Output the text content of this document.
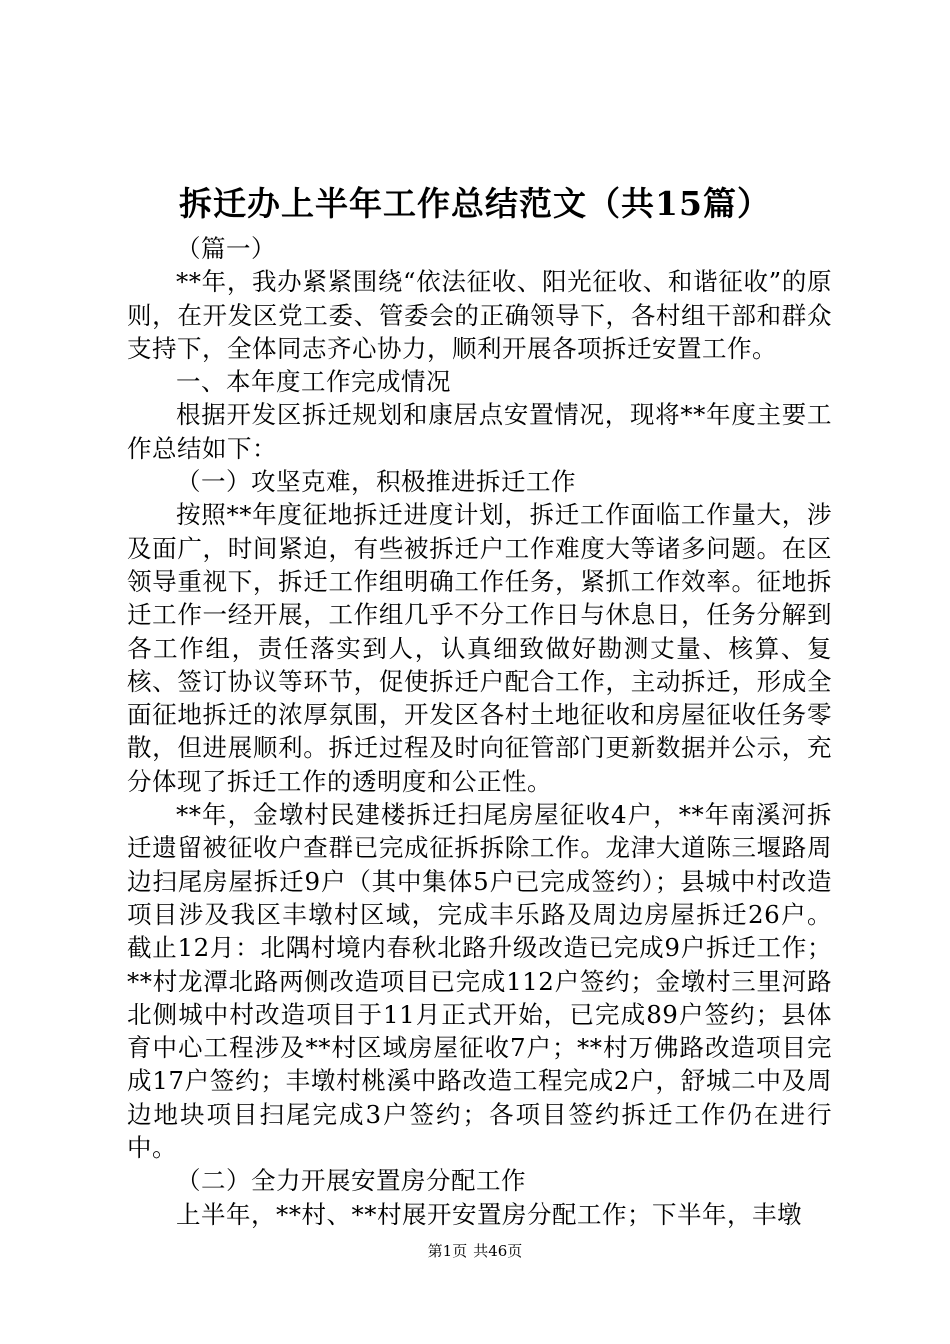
拆迁办上半年工作总结范文（共15篇）

（篇一）

**年，我办紧紧围绕“依法征收、阳光征收、和谐征收”的原则，在开发区党工委、管委会的正确领导下，各村组干部和群众支持下，全体同志齐心协力，顺利开展各项拆迁安置工作。

一、本年度工作完成情况

根据开发区拆迁规划和康居点安置情况，现将**年度主要工作总结如下：

（一）攻坚克难，积极推进拆迁工作

按照**年度征地拆迁进度计划，拆迁工作面临工作量大，涉及面广，时间紧迫，有些被拆迁户工作难度大等诸多问题。在区领导重视下，拆迁工作组明确工作任务，紧抓工作效率。征地拆迁工作一经开展，工作组几乎不分工作日与休息日，任务分解到各工作组，责任落实到人，认真细致做好勘测丈量、核算、复核、签订协议等环节，促使拆迁户配合工作，主动拆迁，形成全面征地拆迁的浓厚氛围，开发区各村土地征收和房屋征收任务零散，但进展顺利。拆迁过程及时向征管部门更新数据并公示，充分体现了拆迁工作的透明度和公正性。

**年，金墩村民建楼拆迁扫尾房屋征收4户，**年南溪河拆迁遗留被征收户查群已完成征拆拆除工作。龙津大道陈三堰路周边扫尾房屋拆迁9户（其中集体5户已完成签约）；县城中村改造项目涉及我区丰墩村区域，完成丰乐路及周边房屋拆迁26户。截止12月：北隅村境内春秋北路升级改造已完成9户拆迁工作；**村龙潭北路两侧改造项目已完成112户签约；金墩村三里河路北侧城中村改造项目于11月正式开始，已完成89户签约；县体育中心工程涉及**村区域房屋征收7户；**村万佛路改造项目完成17户签约；丰墩村桃溪中路改造工程完成2户，舒城二中及周边地块项目扫尾完成3户签约；各项目签约拆迁工作仍在进行中。

（二）全力开展安置房分配工作

上半年，**村、**村展开安置房分配工作；下半年，丰墩

第1页 共46页
